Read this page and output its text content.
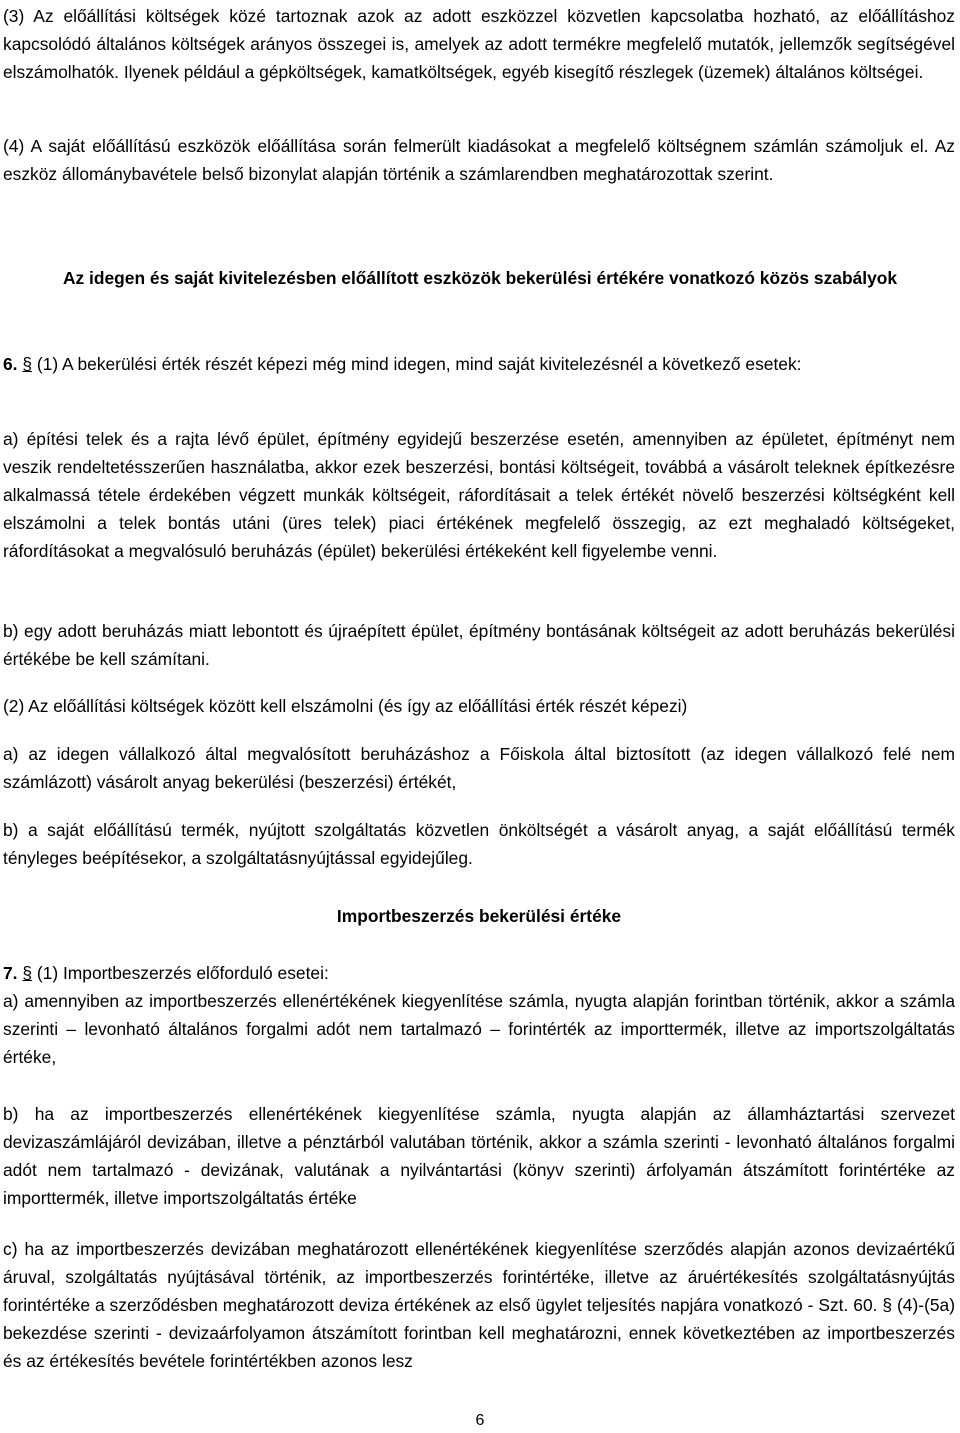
(3) Az előállítási költségek közé tartoznak azok az adott eszközzel közvetlen kapcsolatba hozható, az előállításhoz kapcsolódó általános költségek arányos összegei is, amelyek az adott termékre megfelelő mutatók, jellemzők segítségével elszámolhatók. Ilyenek például a gépköltségek, kamatköltségek, egyéb kisegítő részlegek (üzemek) általános költségei.

(4) A saját előállítású eszközök előállítása során felmerült kiadásokat a megfelelő költségnem számlán számoljuk el. Az eszköz állománybavétele belső bizonylat alapján történik a számlarendben meghatározottak szerint.

Az idegen és saját kivitelezésben előállított eszközök bekerülési értékére vonatkozó közös szabályok

6. § (1) A bekerülési érték részét képezi még mind idegen, mind saját kivitelezésnél a következő esetek:

a) építési telek és a rajta lévő épület, építmény egyidejű beszerzése esetén, amennyiben az épületet, építményt nem veszik rendeltetésszerűen használatba, akkor ezek beszerzési, bontási költségeit, továbbá a vásárolt teleknek építkezésre alkalmassá tétele érdekében végzett munkák költségeit, ráfordításait a telek értékét növelő beszerzési költségként kell elszámolni a telek bontás utáni (üres telek) piaci értékének megfelelő összegig, az ezt meghaladó költségeket, ráfordításokat a megvalósuló beruházás (épület) bekerülési értékeként kell figyelembe venni.

b) egy adott beruházás miatt lebontott és újraépített épület, építmény bontásának költségeit az adott beruházás bekerülési értékébe be kell számítani.

(2) Az előállítási költségek között kell elszámolni (és így az előállítási érték részét képezi)

a) az idegen vállalkozó által megvalósított beruházáshoz a Főiskola által biztosított (az idegen vállalkozó felé nem számlázott) vásárolt anyag bekerülési (beszerzési) értékét,

b) a saját előállítású termék, nyújtott szolgáltatás közvetlen önköltségét a vásárolt anyag, a saját előállítású termék tényleges beépítésekor, a szolgáltatásnyújtással egyidejűleg.

Importbeszerzés bekerülési értéke

7. § (1) Importbeszerzés előforduló esetei:

a) amennyiben az importbeszerzés ellenértékének kiegyenlítése számla, nyugta alapján forintban történik, akkor a számla szerinti – levonható általános forgalmi adót nem tartalmazó – forintérték az importtermék, illetve az importszolgáltatás értéke,

b) ha az importbeszerzés ellenértékének kiegyenlítése számla, nyugta alapján az államháztartási szervezet devizaszámlájáról devizában, illetve a pénztárból valutában történik, akkor a számla szerinti - levonható általános forgalmi adót nem tartalmazó - devizának, valutának a nyilvántartási (könyv szerinti) árfolyamán átszámított forintértéke az importtermék, illetve importszolgáltatás értéke

c) ha az importbeszerzés devizában meghatározott ellenértékének kiegyenlítése szerződés alapján azonos devizaértékű áruval, szolgáltatás nyújtásával történik, az importbeszerzés forintértéke, illetve az áruértékesítés szolgáltatásnyújtás forintértéke a szerződésben meghatározott deviza értékének az első ügylet teljesítés napjára vonatkozó - Szt. 60. § (4)-(5a) bekezdése szerinti - devizaárfolyamon átszámított forintban kell meghatározni, ennek következtében az importbeszerzés és az értékesítés bevétele forintértékben azonos lesz

6
